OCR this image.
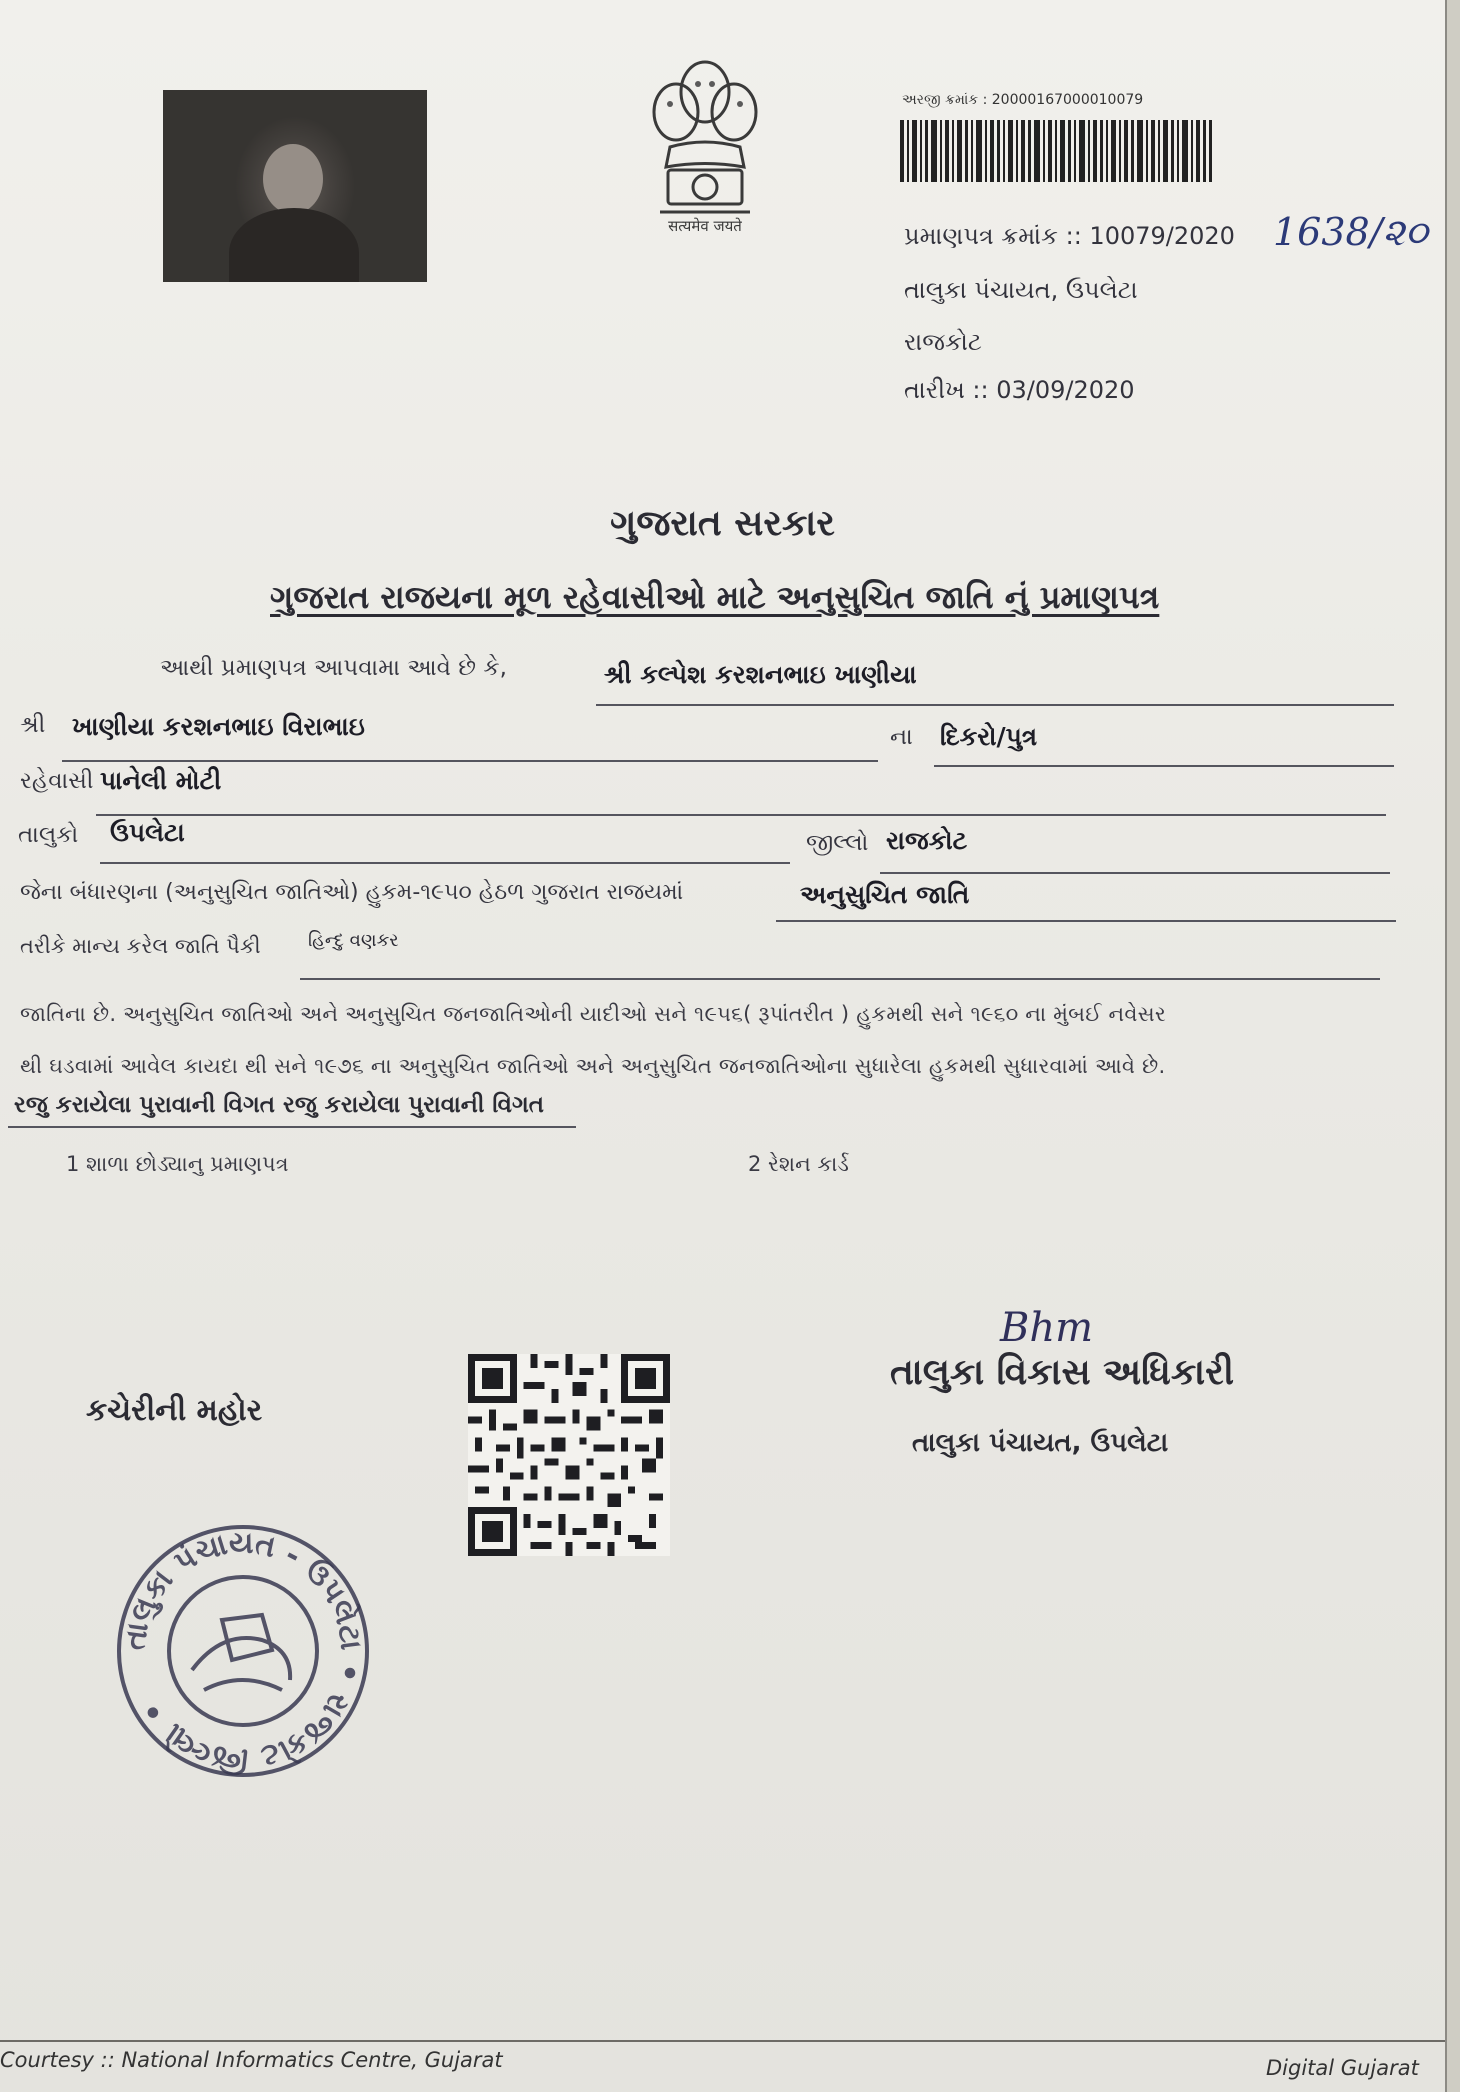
सत्यमेव जयते
અરજી ક્રમાંક : 20000167000010079
પ્રમાણપત્ર ક્રમાંક :: 10079/2020 1638/૨૦
તાલુકા પંચાયત, ઉપલેટા
રાજકોટ
તારીખ :: 03/09/2020
ગુજરાત સરકાર
ગુજરાત રાજયના મૂળ રહેવાસીઓ માટે અનુસુચિત જાતિ નું પ્રમાણપત્ર
આથી પ્રમાણપત્ર આપવામા આવે છે કે,	શ્રી કલ્પેશ કરશનભાઇ ખાણીયા
શ્રી ખાણીયા કરશનભાઇ વિરાભાઇ	ના દિકરો/પુત્ર
રહેવાસી પાનેલી મોટી
તાલુકો ઉપલેટા	જીલ્લો રાજકોટ
જેના બંધારણના (અનુસુચિત જાતિઓ) હુકમ-૧૯૫૦ હેઠળ ગુજરાત રાજયમાં	અનુસુચિત જાતિ
તરીકે માન્ય કરેલ જાતિ પૈકી	હિન્દુ વણકર
જાતિના છે. અનુસુચિત જાતિઓ અને અનુસુચિત જનજાતિઓની યાદીઓ સને ૧૯૫૬( રૂપાંતરીત ) હુકમથી સને ૧૯૬૦ ના મુંબઈ નવેસર
થી ઘડવામાં આવેલ કાયદા થી સને ૧૯૭૬ ના અનુસુચિત જાતિઓ અને અનુસુચિત જનજાતિઓના સુધારેલા હુકમથી સુધારવામાં આવે છે.
રજુ કરાયેલા પુરાવાની વિગત રજુ કરાયેલા પુરાવાની વિગત
1 શાળા છોડ્યાનુ પ્રમાણપત્ર	2 રેશન કાર્ડ
Bhm
તાલુકા વિકાસ અધિકારી
તાલુકા પંચાયત, ઉપલેટા
કચેરીની મહોર
તાલુકા પંચાયત - ઉપલેટા • રાજકોટ જિલ્લો •
Courtesy :: National Informatics Centre, Gujarat	Digital Gujarat
